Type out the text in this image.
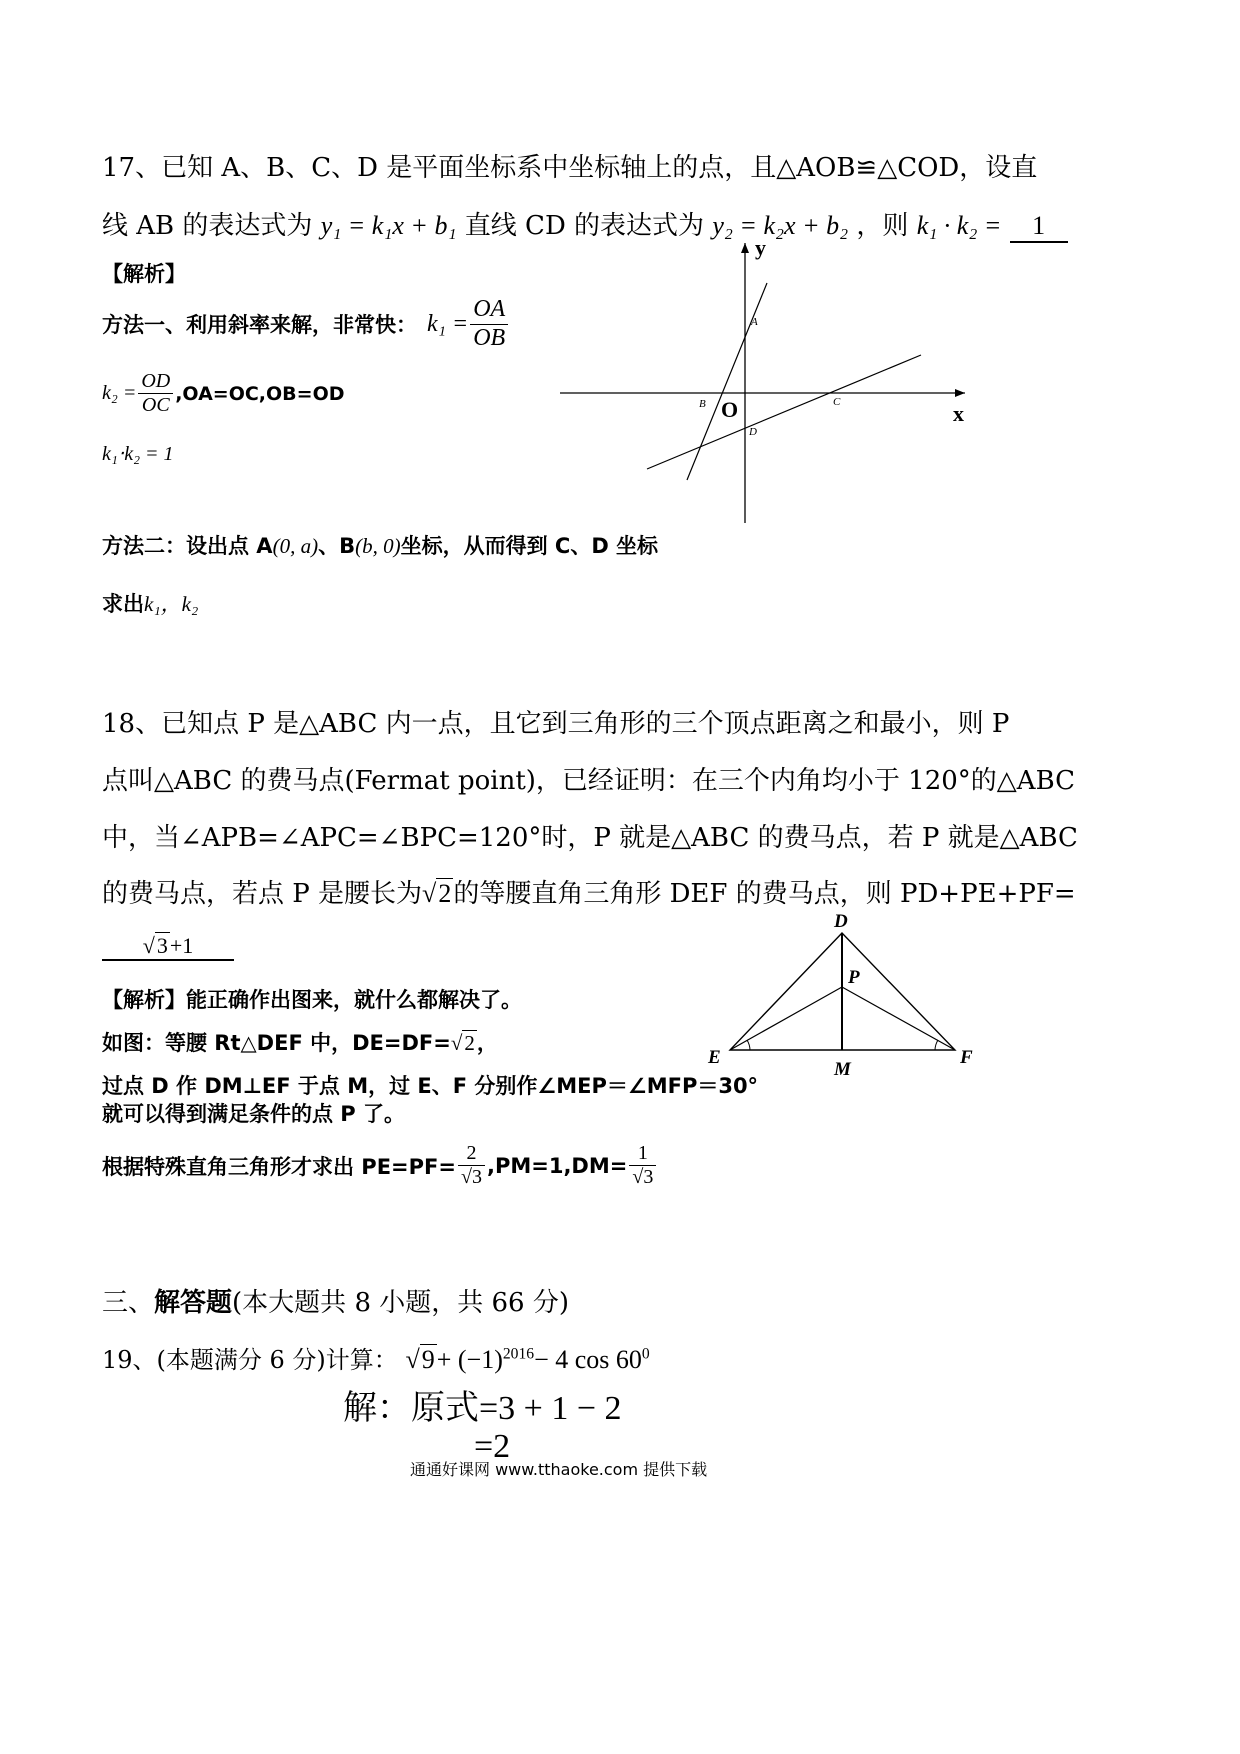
17、已知 A、B、C、D 是平面坐标系中坐标轴上的点，且△AOB≌△COD，设直
线 AB 的表达式为 y₁ = k₁x + b₁ 直线 CD 的表达式为 y₂ = k₂x + b₂ ，则 k₁ · k₂ = 1
【解析】
方法一、利用斜率来解，非常快： $k_1 = \frac{OA}{OB}$
$k_2 = \frac{OD}{OC} ,OA=OC,OB=OD$
k₁⋅k₂ = 1
方法二：设出点 A(0, a)、B(b, 0)坐标，从而得到 C、D 坐标
求出k₁，k₂
y
x
O
A
B	C
D
18、已知点 P 是△ABC 内一点，且它到三角形的三个顶点距离之和最小，则 P
点叫△ABC 的费马点(Fermat point)，已经证明：在三个内角均小于 120°的△ABC
中，当∠APB=∠APC=∠BPC=120°时，P 就是△ABC 的费马点，若 P 就是△ABC
的费马点，若点 P 是腰长为√2的等腰直角三角形 DEF 的费马点，则 PD+PE+PF=
√3+1
【解析】能正确作出图来，就什么都解决了。
如图：等腰 Rt△DEF 中，DE=DF=√2，
过点 D 作 DM⊥EF 于点 M，过 E、F 分别作∠MEP＝∠MFP＝30°
就可以得到满足条件的点 P 了。
根据特殊直角三角形才求出 $PE=PF= \frac{2}{√3} ,PM=1,DM= \frac{1}{√3}$
D
P
E
M
F
三、解答题(本大题共 8 小题，共 66 分)
19、(本题满分 6 分)计算： $√9+ (-1)^{2016}- 4$ $\cos 60^0$
解：原式=3 + 1 − 2
=2
通通好课网 www.tthaoke.com 提供下载
